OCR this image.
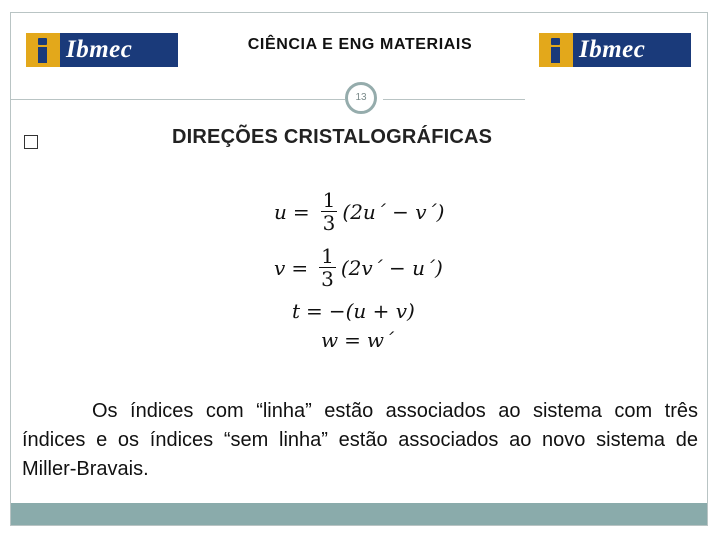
Ibmec	CIÊNCIA E ENG MATERIAIS	Ibmec
13
DIREÇÕES CRISTALOGRÁFICAS
$u = \frac{1}{3}$ (2u´ − v´)
$v = \frac{1}{3}$ (2v´ − u´)
t = −(u + v)
w = w´
Os índices com “linha” estão associados ao sistema com três índices e os índices “sem linha” estão associados ao novo sistema de Miller-Bravais.
